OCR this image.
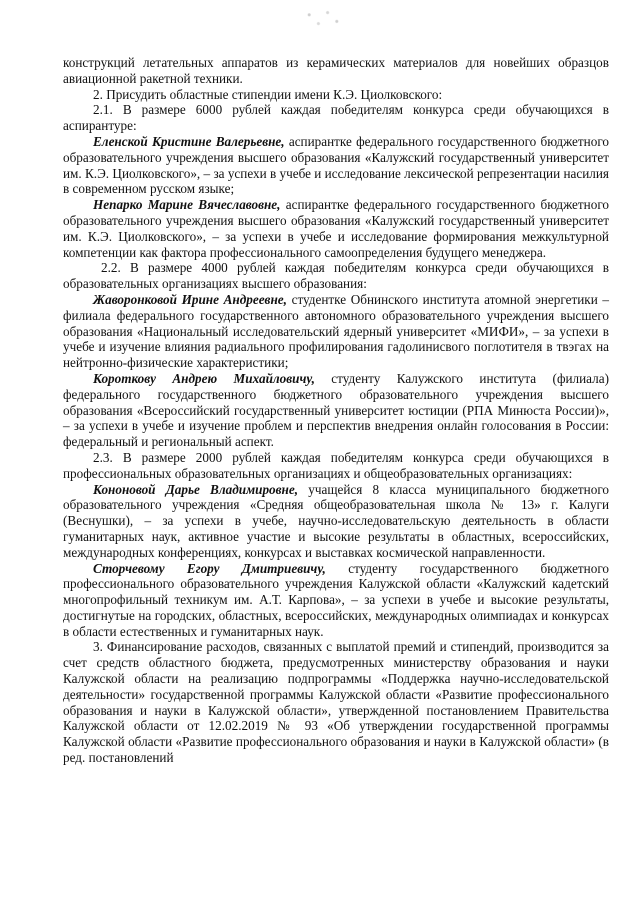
конструкций летательных аппаратов из керамических материалов для новейших образцов авиационной ракетной техники.

2. Присудить областные стипендии имени К.Э. Циолковского:

2.1. В размере 6000 рублей каждая победителям конкурса среди обучающихся в аспирантуре:

Еленской Кристине Валерьевне, аспирантке федерального государственного бюджетного образовательного учреждения высшего образования «Калужский государственный университет им. К.Э. Циолковского», – за успехи в учебе и исследование лексической репрезентации насилия в современном русском языке;

Непарко Марине Вячеславовне, аспирантке федерального государственного бюджетного образовательного учреждения высшего образования «Калужский государственный университет им. К.Э. Циолковского», – за успехи в учебе и исследование формирования межкультурной компетенции как фактора профессионального самоопределения будущего менеджера.

2.2. В размере 4000 рублей каждая победителям конкурса среди обучающихся в образовательных организациях высшего образования:

Жаворонковой Ирине Андреевне, студентке Обнинского института атомной энергетики – филиала федерального государственного автономного образовательного учреждения высшего образования «Национальный исследовательский ядерный университет «МИФИ», – за успехи в учебе и изучение влияния радиального профилирования гадолинисвого поглотителя в твэгах на нейтронно-физические характеристики;

Короткову Андрею Михайловичу, студенту Калужского института (филиала) федерального государственного бюджетного образовательного учреждения высшего образования «Всероссийский государственный университет юстиции (РПА Минюста России)», – за успехи в учебе и изучение проблем и перспектив внедрения онлайн голосования в России: федеральный и региональный аспект.

2.3. В размере 2000 рублей каждая победителям конкурса среди обучающихся в профессиональных образовательных организациях и общеобразовательных организациях:

Кононовой Дарье Владимировне, учащейся 8 класса муниципального бюджетного образовательного учреждения «Средняя общеобразовательная школа № 13» г. Калуги (Веснушки), – за успехи в учебе, научно-исследовательскую деятельность в области гуманитарных наук, активное участие и высокие результаты в областных, всероссийских, международных конференциях, конкурсах и выставках космической направленности.

Сторчевому Егору Дмитриевичу, студенту государственного бюджетного профессионального образовательного учреждения Калужской области «Калужский кадетский многопрофильный техникум им. А.Т. Карпова», – за успехи в учебе и высокие результаты, достигнутые на городских, областных, всероссийских, международных олимпиадах и конкурсах в области естественных и гуманитарных наук.

3. Финансирование расходов, связанных с выплатой премий и стипендий, производится за счет средств областного бюджета, предусмотренных министерству образования и науки Калужской области на реализацию подпрограммы «Поддержка научно-исследовательской деятельности» государственной программы Калужской области «Развитие профессионального образования и науки в Калужской области», утвержденной постановлением Правительства Калужской области от 12.02.2019 № 93 «Об утверждении государственной программы Калужской области «Развитие профессионального образования и науки в Калужской области» (в ред. постановлений
